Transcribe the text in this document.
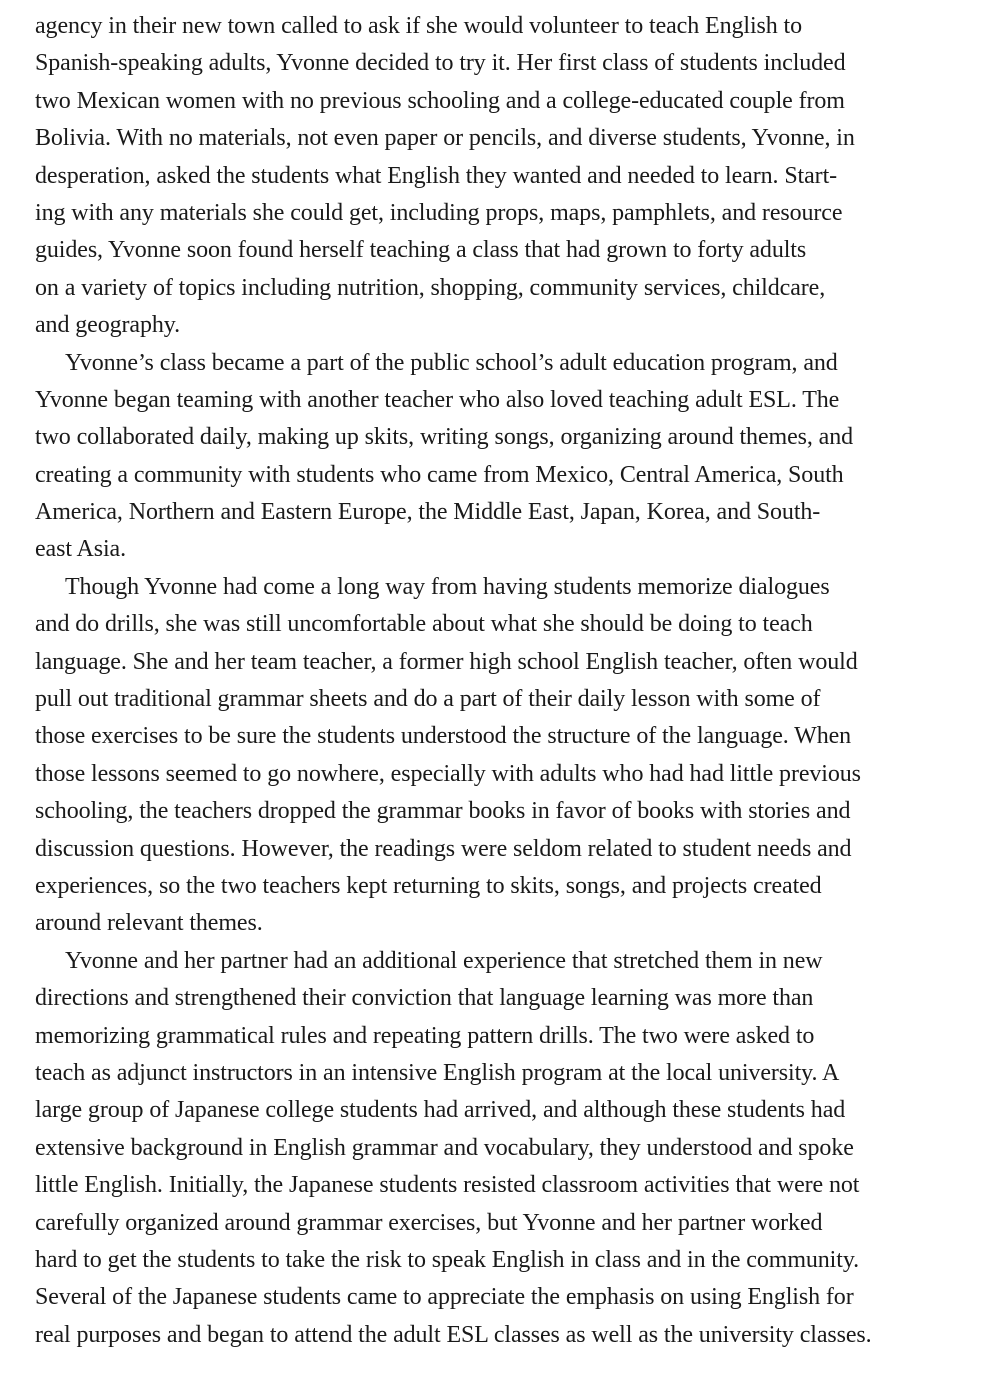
agency in their new town called to ask if she would volunteer to teach English to
Spanish-speaking adults, Yvonne decided to try it. Her first class of students included
two Mexican women with no previous schooling and a college-educated couple from
Bolivia. With no materials, not even paper or pencils, and diverse students, Yvonne, in
desperation, asked the students what English they wanted and needed to learn. Start-
ing with any materials she could get, including props, maps, pamphlets, and resource
guides, Yvonne soon found herself teaching a class that had grown to forty adults
on a variety of topics including nutrition, shopping, community services, childcare,
and geography.

Yvonne’s class became a part of the public school’s adult education program, and
Yvonne began teaming with another teacher who also loved teaching adult ESL. The
two collaborated daily, making up skits, writing songs, organizing around themes, and
creating a community with students who came from Mexico, Central America, South
America, Northern and Eastern Europe, the Middle East, Japan, Korea, and South-
east Asia.

Though Yvonne had come a long way from having students memorize dialogues
and do drills, she was still uncomfortable about what she should be doing to teach
language. She and her team teacher, a former high school English teacher, often would
pull out traditional grammar sheets and do a part of their daily lesson with some of
those exercises to be sure the students understood the structure of the language. When
those lessons seemed to go nowhere, especially with adults who had had little previous
schooling, the teachers dropped the grammar books in favor of books with stories and
discussion questions. However, the readings were seldom related to student needs and
experiences, so the two teachers kept returning to skits, songs, and projects created
around relevant themes.

Yvonne and her partner had an additional experience that stretched them in new
directions and strengthened their conviction that language learning was more than
memorizing grammatical rules and repeating pattern drills. The two were asked to
teach as adjunct instructors in an intensive English program at the local university. A
large group of Japanese college students had arrived, and although these students had
extensive background in English grammar and vocabulary, they understood and spoke
little English. Initially, the Japanese students resisted classroom activities that were not
carefully organized around grammar exercises, but Yvonne and her partner worked
hard to get the students to take the risk to speak English in class and in the community.
Several of the Japanese students came to appreciate the emphasis on using English for
real purposes and began to attend the adult ESL classes as well as the university classes.
